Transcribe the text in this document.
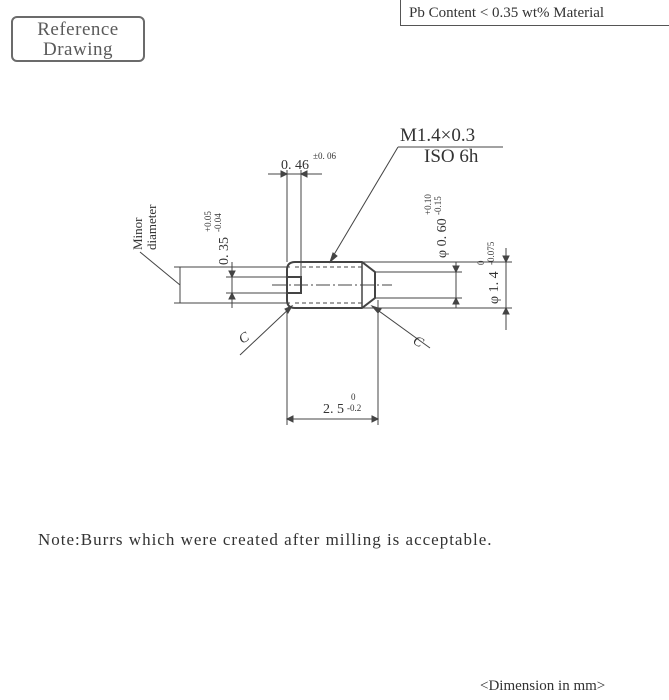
Reference
Drawing
Pb Content < 0.35 wt% Material
M1.4×0.3
ISO 6h
0. 46
±0. 06
Minor diameter
0. 35
+0.05 -0.04	φ 0. 60
+0.10 -0.15
φ 1. 4
0 -0.075
C	C
2. 5
0
-0.2
Note:Burrs which were created after milling is acceptable.
<Dimension in mm>
